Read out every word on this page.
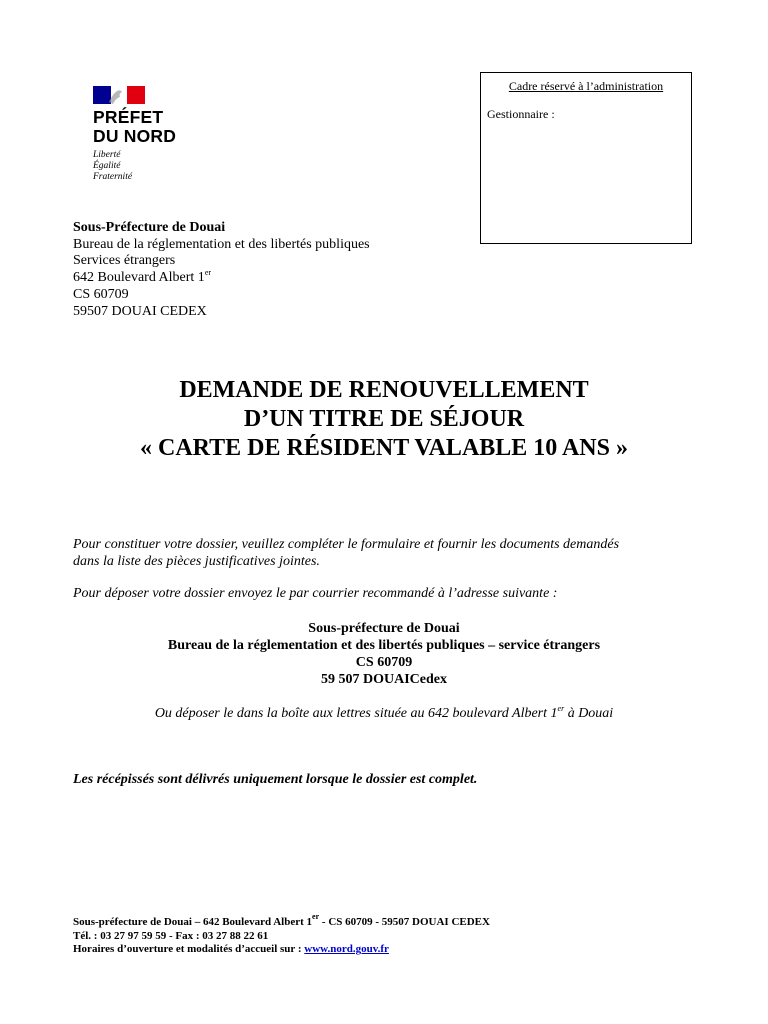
PRÉFET
DU NORD
Liberté
Égalité
Fraternité
Cadre réservé à l’administration
Gestionnaire :
Sous-Préfecture de Douai
Bureau de la réglementation et des libertés publiques
Services étrangers
642 Boulevard Albert 1er
CS 60709
59507 DOUAI CEDEX
DEMANDE DE RENOUVELLEMENT
D’UN TITRE DE SÉJOUR
« CARTE DE RÉSIDENT VALABLE 10 ANS »
Pour constituer votre dossier, veuillez compléter le formulaire et fournir les documents demandés
dans la liste des pièces justificatives jointes.
Pour déposer votre dossier envoyez le par courrier recommandé à l’adresse suivante :
Sous-préfecture de Douai
Bureau de la réglementation et des libertés publiques – service étrangers
CS 60709
59 507 DOUAICedex
Ou déposer le dans la boîte aux lettres située au 642 boulevard Albert 1er à Douai
Les récépissés sont délivrés uniquement lorsque le dossier est complet.
Sous-préfecture de Douai – 642 Boulevard Albert 1er - CS 60709 - 59507 DOUAI CEDEX
Tél. : 03 27 97 59 59 - Fax : 03 27 88 22 61
Horaires d’ouverture et modalités d’accueil sur : www.nord.gouv.fr
